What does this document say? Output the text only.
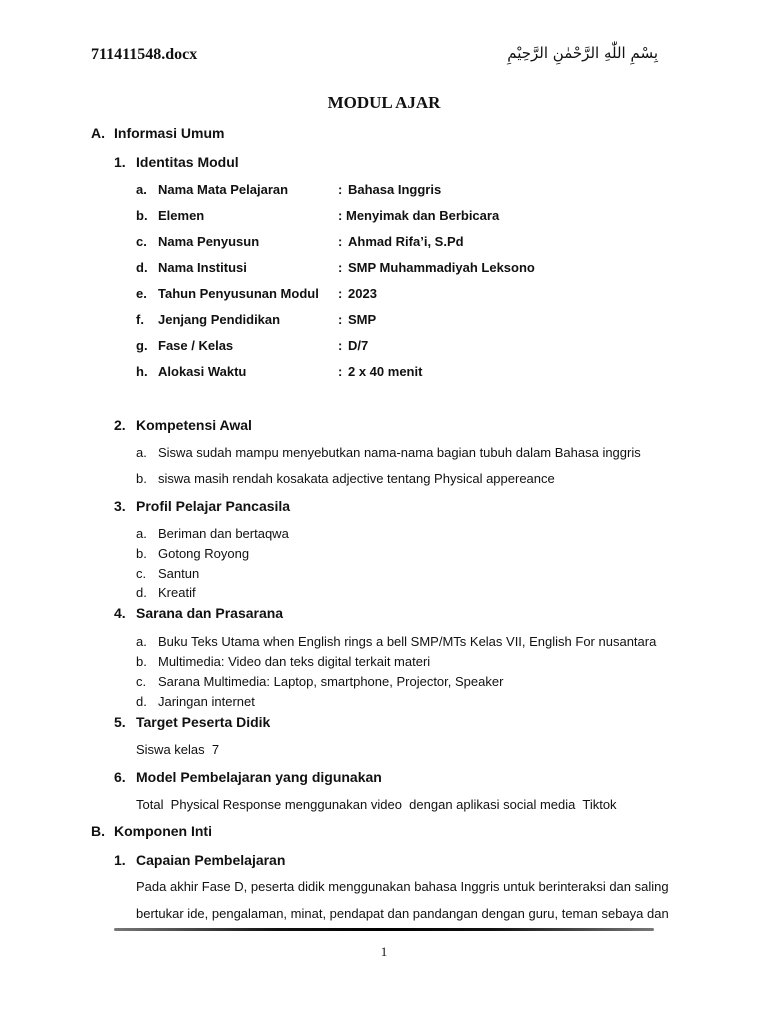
711411548.docx	بِسْمِ اللّٰهِ الرَّحْمٰنِ الرَّحِيْمِ
MODUL AJAR
A. Informasi Umum
1. Identitas Modul
a. Nama Mata Pelajaran	: Bahasa Inggris
b. Elemen	: Menyimak dan Berbicara
c. Nama Penyusun	: Ahmad Rifa’i, S.Pd
d. Nama Institusi	: SMP Muhammadiyah Leksono
e. Tahun Penyusunan Modul : 2023
f. Jenjang Pendidikan	: SMP
g. Fase / Kelas	: D/7
h. Alokasi Waktu	: 2 x 40 menit
2. Kompetensi Awal
a. Siswa sudah mampu menyebutkan nama-nama bagian tubuh dalam Bahasa inggris
b. siswa masih rendah kosakata adjective tentang Physical appereance
3. Profil Pelajar Pancasila
a. Beriman dan bertaqwa
b. Gotong Royong
c. Santun
d. Kreatif
4. Sarana dan Prasarana
a. Buku Teks Utama when English rings a bell SMP/MTs Kelas VII, English For nusantara
b. Multimedia: Video dan teks digital terkait materi
c. Sarana Multimedia: Laptop, smartphone, Projector, Speaker
d. Jaringan internet
5. Target Peserta Didik
Siswa kelas  7
6. Model Pembelajaran yang digunakan
Total  Physical Response menggunakan video  dengan aplikasi social media  Tiktok
B. Komponen Inti
1. Capaian Pembelajaran
Pada akhir Fase D, peserta didik menggunakan bahasa Inggris untuk berinteraksi dan saling
bertukar ide, pengalaman, minat, pendapat dan pandangan dengan guru, teman sebaya dan
1
